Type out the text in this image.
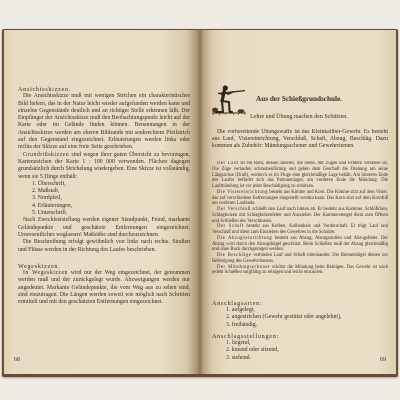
Ansichtsskizzen.

Die Ansichtsskizze muß mit wenigen Strichen ein charakteristisches Bild liefern, das in der Natur leicht wieder aufgefunden werden kann und einzelne Gegenstände deutlich und an richtiger Stelle erkennen läßt. Der Empfänger der Ansichtsskizze muß den Beobachtungspunkt leicht auf der Karte oder im Gelände finden können. Benennungen in der Ansichtsskizze werden am oberen Bildrande mit senkrechtem Pfeilstrich auf den Gegenstand eingezeichnet. Erläuterungen werden links oder rechts der Skizze auf eine freie Seite geschrieben.

Grundrißskizzen sind wegen ihrer guten Übersicht zu bevorzugen. Kartenzeichen der Karte 1 : 100 000 verwenden. Flächen dagegen grundsätzlich durch Strichelung wiedergeben. Eine Skizze ist vollständig, wenn sie 5 Dinge enthält:

1. Überschrift,
2. Maßstab,
3. Nordpfeil,
4. Erläuterungen,
5. Unterschrift.

Nach Zweckfeststellung werden eigener Standpunkt, Feind, markante Geländepunkte und geschätzte Entfernungen eingezeichnet. Unwesentliches weglassen! Maßstäbe sind durchzuzeichnen.

Die Beschreibung erfolgt gewöhnlich von links nach rechts. Straßen und Flüsse werden in der Richtung des Laufes beschrieben.

Wegeskizzen.

In Wegeskizzen wird nur der Weg eingezeichnet, der genommen werden muß und der zurückgelegt wurde. Abzweigungen werden nur angedeutet. Markante Geländepunkte, die vom Weg aus zu sehen sind, sind einzutragen. Die Längen werden soweit wie möglich nach Schritten ermittelt und mit den geschätzten Entfernungen eingezeichnet.

68
Aus der Schießgrundschule.
Lehre und Übung machen den Schützen.

Die vorbereitende Übungswaffe ist das Kleinkaliber-Gewehr. Es besteht aus Lauf, Visiereinrichtung, Verschluß, Schaft, Abzug, Beschläg. Dazu kommen als Zubehör: Mündungsschoner und Gewehrriemen.

Der Lauf ist ein Rohr, dessen Inneres, die Seele, mit Zügen und Feldern versehen ist. Die Züge verlaufen schraubenförmig und geben dem Geschoß die Drehung um seine Längsachse (Drall), wodurch es im Fluge eine gleichmäßige Lage behält. Am hinteren Ende des Laufes befindet sich das Patronenlager, am vorderen Ende die Mündung. Die Laufmündung ist vor jeder Beschädigung zu schützen.

Die Visiereinrichtung besteht aus Kimme und Korn. Die Kimme sitzt auf dem Visier, das auf verschiedene Entfernungen eingestellt werden kann. Das Korn sitzt auf dem Kornfuß am vorderen Laufende.

Der Verschluß schließt den Lauf nach hinten ab. Er besteht aus Kammer, Schlößchen, Schlagbolzen mit Schlagbolzenfeder und Auszieher. Der Kammerstengel dient zum Öffnen und Schließen des Verschlusses.

Der Schaft besteht aus Kolben, Kolbenhals und Vorderschaft. Er trägt Lauf und Verschluß und dient zum Einziehen des Gewehres in die Schulter.

Die Abzugseinrichtung besteht aus Abzug, Abzugsstollen und Abzugsfeder. Der Abzug wird durch den Abzugsbügel geschützt. Beim Schießen muß der Abzug gleichmäßig und ohne Ruck durchgezogen werden.

Die Beschläge verbinden Lauf und Schaft miteinander. Die Riemenbügel dienen zur Befestigung des Gewehrriemens.

Der Mündungsschoner schützt die Mündung beim Reinigen. Das Gewehr ist nach jedem Schießen sorgfältig zu reinigen und leicht einzuölen.

Anschlagsarten:

1. aufgelegt,
2. angestrichen (Gewehr gestützt oder angelehnt),
3. freihändig.

Anschlagsstellungen:

1. liegend,
2. kniend oder sitzend,
3. stehend.	69
